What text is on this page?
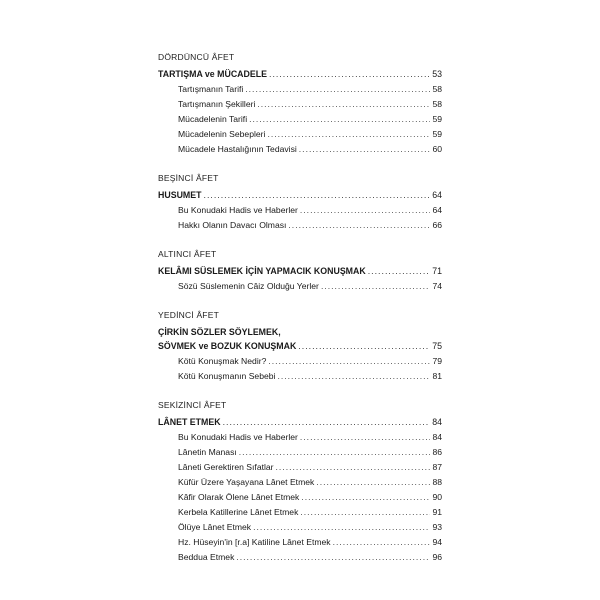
DÖRDÜNCÜ ÂFET
TARTIŞMA ve MÜCADELE .....	53
Tartışmanın Tarifi .....	58
Tartışmanın Şekilleri .....	58
Mücadelenin Tarifi .....	59
Mücadelenin Sebepleri .....	59
Mücadele Hastalığının Tedavisi .....	60
BEŞİNCİ ÂFET
HUSUMET .....	64
Bu Konudaki Hadis ve Haberler .....	64
Hakkı Olanın Davacı Olması .....	66
ALTINCI ÂFET
KELÂMI SÜSLEMEK İÇİN YAPMACIK KONUŞMAK .....	71
Sözü Süslemenin Câiz Olduğu Yerler .....	74
YEDİNCİ ÂFET
ÇİRKİN SÖZLER SÖYLEMEK,
SÖVMEK ve BOZUK KONUŞMAK .....	75
Kötü Konuşmak Nedir? .....	79
Kötü Konuşmanın Sebebi .....	81
SEKİZİNCİ ÂFET
LÂNET ETMEK .....	84
Bu Konudaki Hadis ve Haberler .....	84
Lânetin Manası .....	86
Lâneti Gerektiren Sıfatlar .....	87
Küfür Üzere Yaşayana Lânet Etmek .....	88
Kâfir Olarak Ölene Lânet Etmek .....	90
Kerbela Katillerine Lânet Etmek .....	91
Ölüye Lânet Etmek .....	93
Hz. Hüseyin'in [r.a] Katiline Lânet Etmek .....	94
Beddua Etmek .....	96
